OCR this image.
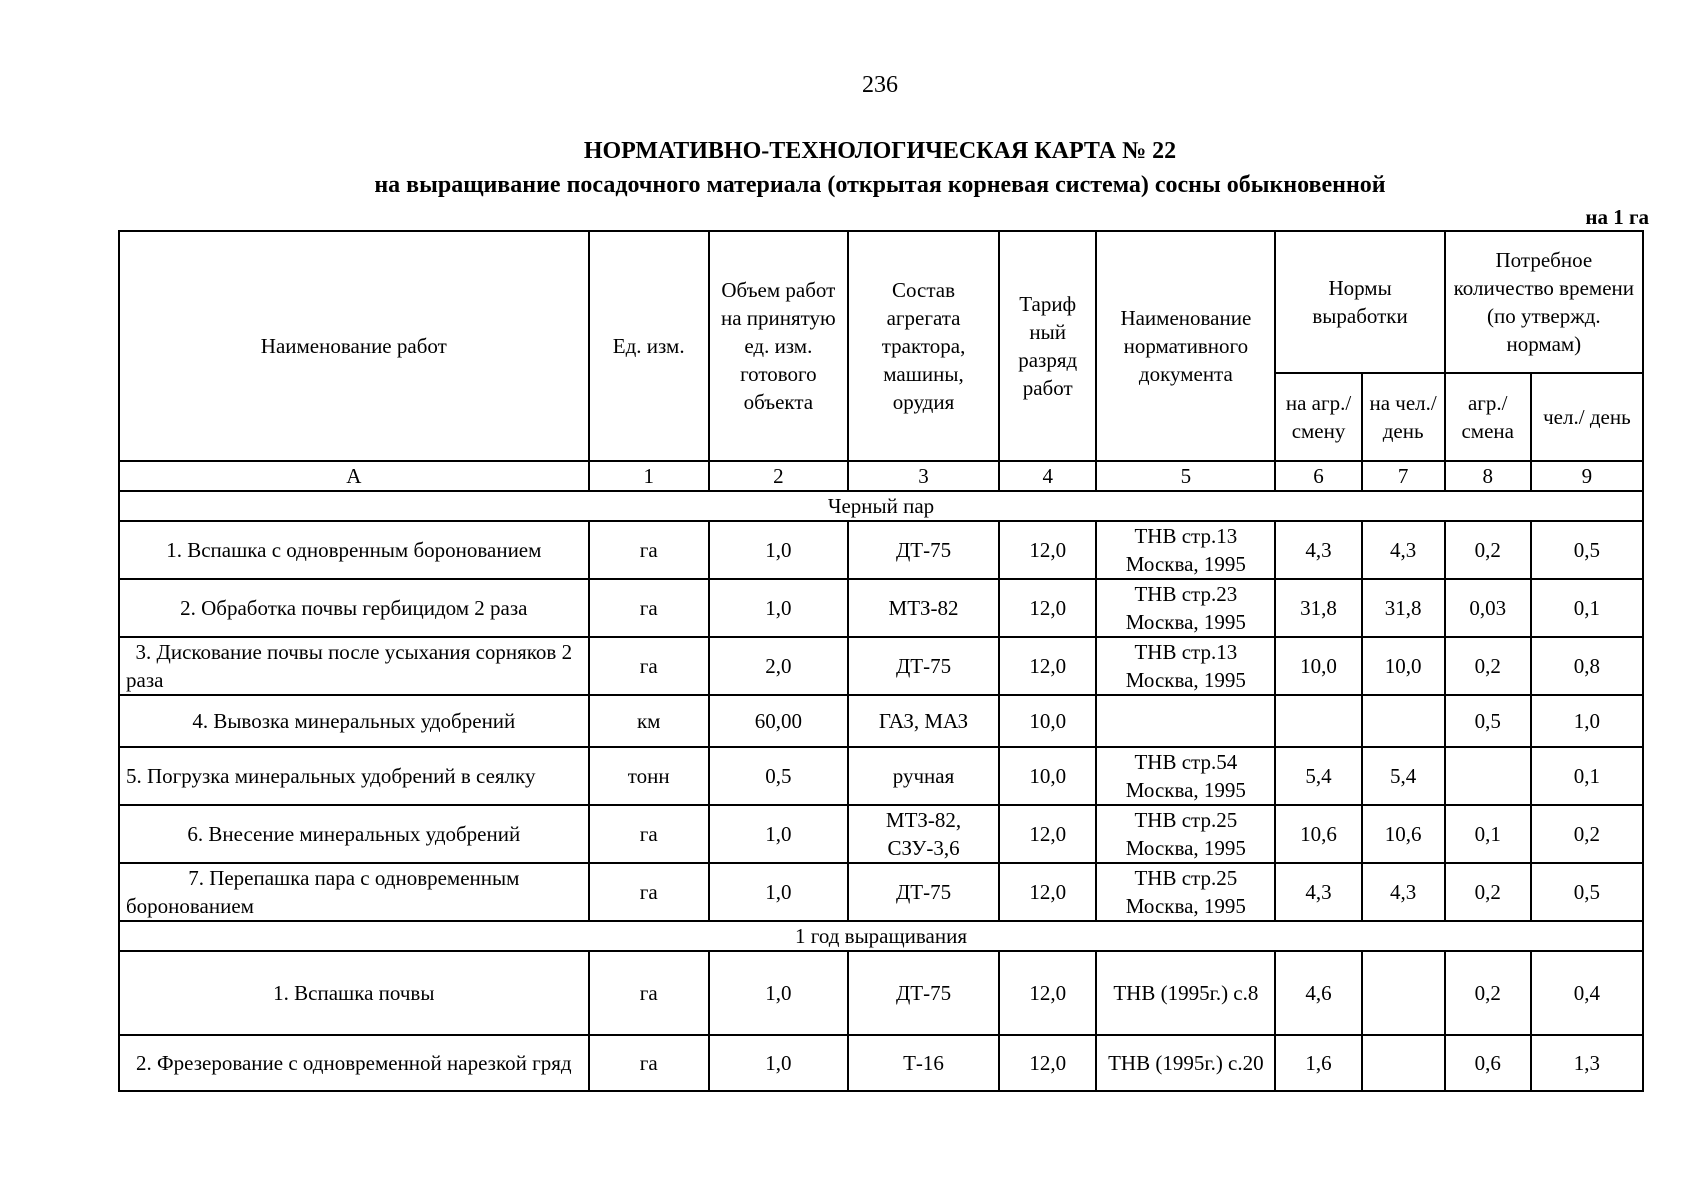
236
НОРМАТИВНО-ТЕХНОЛОГИЧЕСКАЯ КАРТА № 22
на выращивание посадочного материала (открытая корневая система) сосны обыкновенной
на 1 га
Наименование работ	Ед. изм.	Объем работ на принятую ед. изм. готового объекта	Состав агрегата трактора, машины, орудия	Тариф ный разряд работ	Наименование нормативного документа	Нормы выработки		Потребное количество времени (по утвержд. нормам)	
						на агр./ смену	на чел./ день	агр./ смена	чел./ день
А	1	2	3	4	5	6	7	8	9
Черный пар									
1. Вспашка с одновренным боронованием	га	1,0	ДТ-75	12,0	ТНВ стр.13 Москва, 1995	4,3	4,3	0,2	0,5
2. Обработка почвы гербицидом 2 раза	га	1,0	МТЗ-82	12,0	ТНВ стр.23 Москва, 1995	31,8	31,8	0,03	0,1
3. Дискование почвы после усыхания сорняков 2 раза	га	2,0	ДТ-75	12,0	ТНВ стр.13 Москва, 1995	10,0	10,0	0,2	0,8
4. Вывозка минеральных удобрений	км	60,00	ГАЗ, МАЗ	10,0				0,5	1,0
5. Погрузка минеральных удобрений в сеялку	тонн	0,5	ручная	10,0	ТНВ стр.54 Москва, 1995	5,4	5,4		0,1
6. Внесение минеральных удобрений	га	1,0	МТЗ-82, СЗУ-3,6	12,0	ТНВ стр.25 Москва, 1995	10,6	10,6	0,1	0,2
7. Перепашка пара с одновременным боронованием	га	1,0	ДТ-75	12,0	ТНВ стр.25 Москва, 1995	4,3	4,3	0,2	0,5
1 год выращивания									
1. Вспашка почвы	га	1,0	ДТ-75	12,0	ТНВ (1995г.) с.8	4,6		0,2	0,4
2. Фрезерование с одновременной нарезкой гряд	га	1,0	Т-16	12,0	ТНВ (1995г.) с.20	1,6		0,6	1,3
